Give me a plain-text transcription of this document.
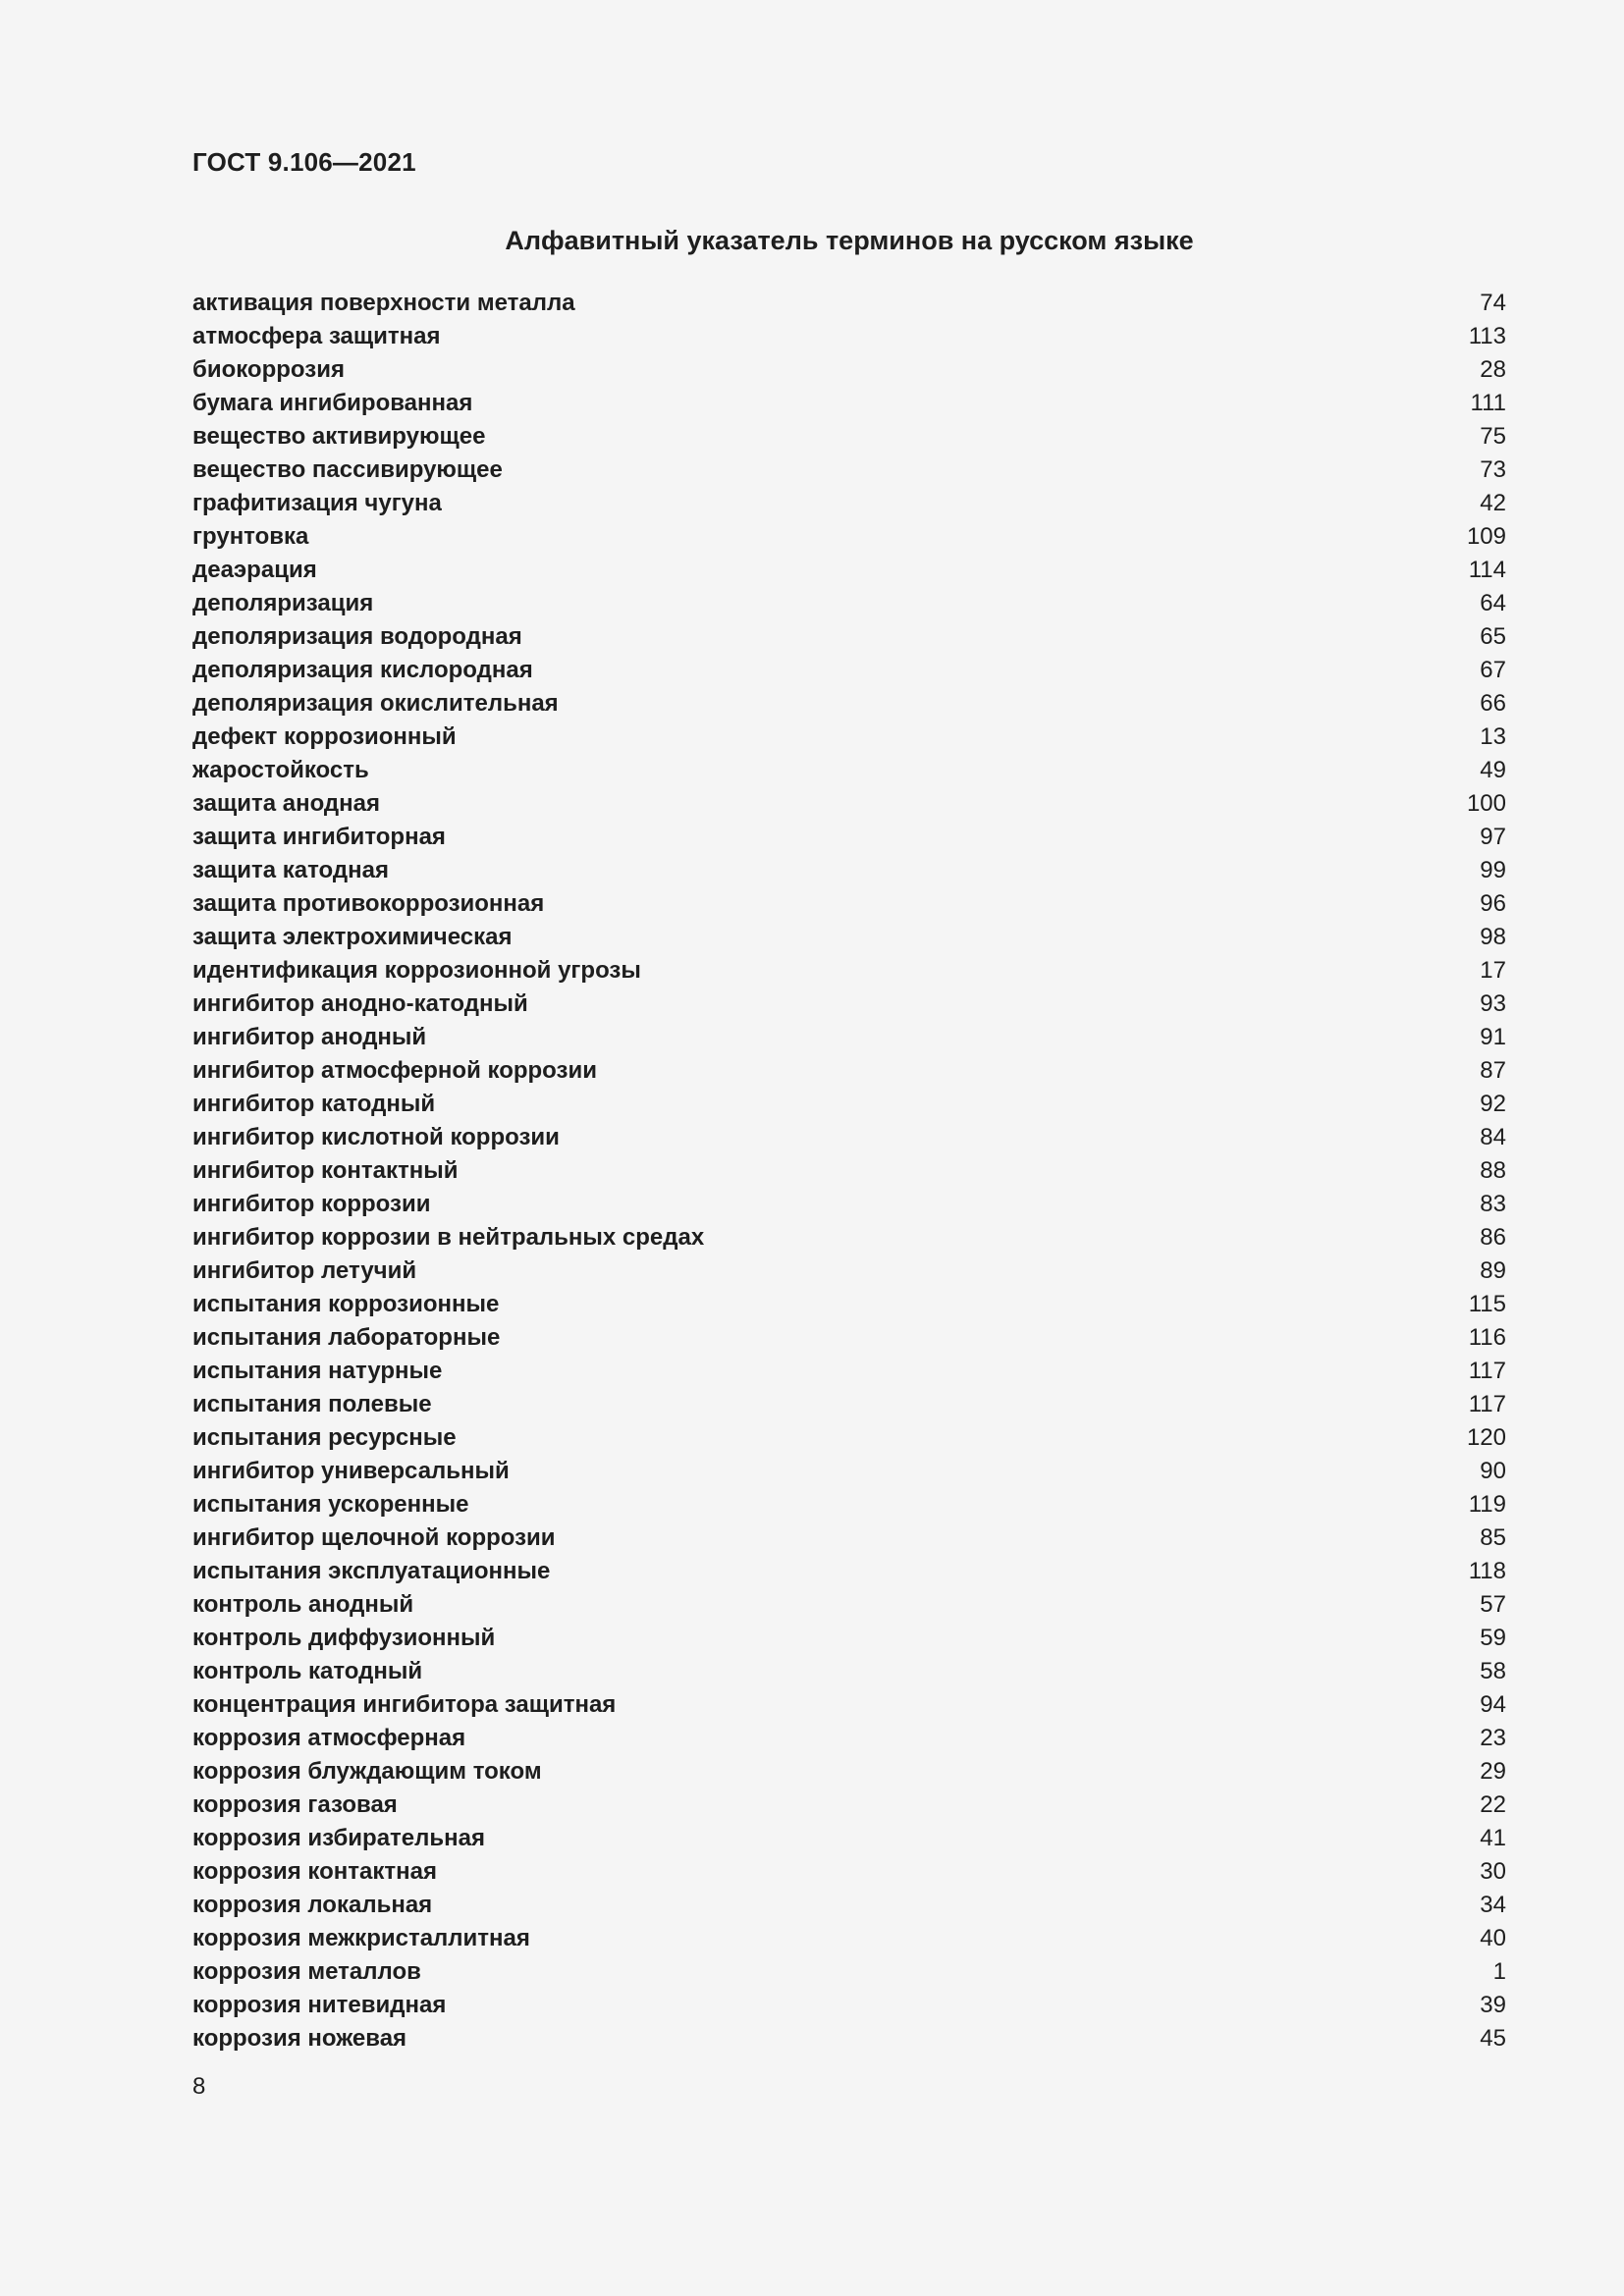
ГОСТ 9.106—2021
Алфавитный указатель терминов на русском языке
активация поверхности металла	74
атмосфера защитная	113
биокоррозия	28
бумага ингибированная	111
вещество активирующее	75
вещество пассивирующее	73
графитизация чугуна	42
грунтовка	109
деаэрация	114
деполяризация	64
деполяризация водородная	65
деполяризация кислородная	67
деполяризация окислительная	66
дефект коррозионный	13
жаростойкость	49
защита анодная	100
защита ингибиторная	97
защита катодная	99
защита противокоррозионная	96
защита электрохимическая	98
идентификация коррозионной угрозы	17
ингибитор анодно-катодный	93
ингибитор анодный	91
ингибитор атмосферной коррозии	87
ингибитор катодный	92
ингибитор кислотной коррозии	84
ингибитор контактный	88
ингибитор коррозии	83
ингибитор коррозии в нейтральных средах	86
ингибитор летучий	89
испытания коррозионные	115
испытания лабораторные	116
испытания натурные	117
испытания полевые	117
испытания ресурсные	120
ингибитор универсальный	90
испытания ускоренные	119
ингибитор щелочной коррозии	85
испытания эксплуатационные	118
контроль анодный	57
контроль диффузионный	59
контроль катодный	58
концентрация ингибитора защитная	94
коррозия атмосферная	23
коррозия блуждающим током	29
коррозия газовая	22
коррозия избирательная	41
коррозия контактная	30
коррозия локальная	34
коррозия межкристаллитная	40
коррозия металлов	1
коррозия нитевидная	39
коррозия ножевая	45
8
